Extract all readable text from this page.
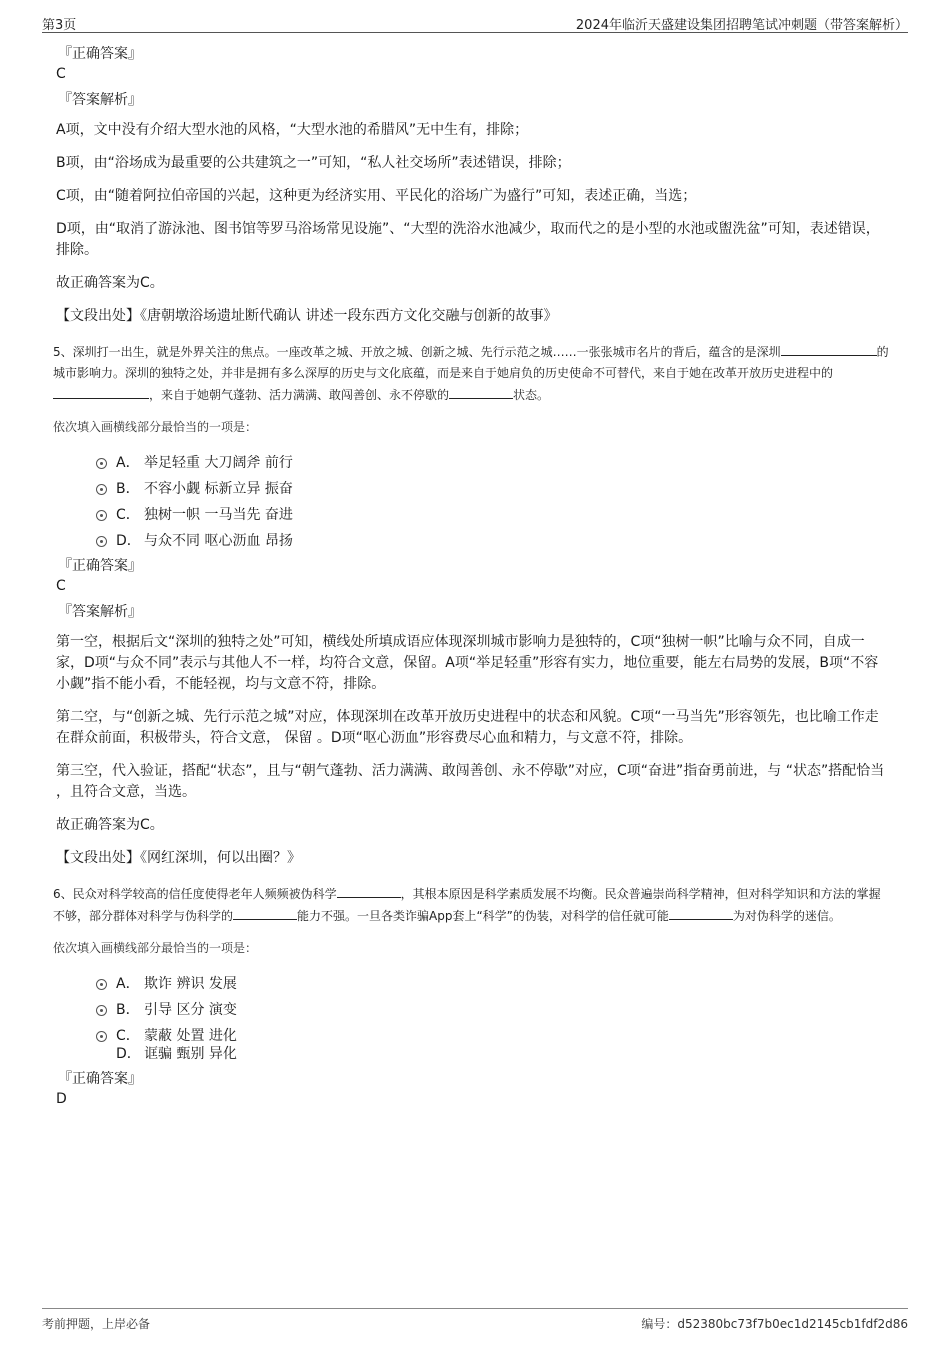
第3页	2024年临沂天盛建设集团招聘笔试冲刺题（带答案解析）

『正确答案』

C

『答案解析』

A项，文中没有介绍大型水池的风格，“大型水池的希腊风”无中生有，排除；

B项，由“浴场成为最重要的公共建筑之一”可知，“私人社交场所”表述错误，排除；

C项，由“随着阿拉伯帝国的兴起，这种更为经济实用、平民化的浴场广为盛行”可知，表述正确，当选；

D项，由“取消了游泳池、图书馆等罗马浴场常见设施”、“大型的洗浴水池减少，取而代之的是小型的水池或盥洗盆”可知，表述错误，排除。

故正确答案为C。

【文段出处】《唐朝墩浴场遗址断代确认 讲述一段东西方文化交融与创新的故事》

5、深圳打一出生，就是外界关注的焦点。一座改革之城、开放之城、创新之城、先行示范之城……一张张城市名片的背后，蕴含的是深圳	的城市影响力。深圳的独特之处，并非是拥有多么深厚的历史与文化底蕴，而是来自于她肩负的历史使命不可替代，来自于她在改革开放历史进程中的，来自于她朝气蓬勃、活力满满、敢闯善创、永不停歇的	状态。

依次填入画横线部分最恰当的一项是：

A． 举足轻重 大刀阔斧 前行
B． 不容小觑 标新立异 振奋
C． 独树一帜 一马当先 奋进
D． 与众不同 呕心沥血 昂扬

『正确答案』

C

『答案解析』

第一空，根据后文“深圳的独特之处”可知，横线处所填成语应体现深圳城市影响力是独特的，C项“独树一帜”比喻与众不同，自成一家，D项“与众不同”表示与其他人不一样，均符合文意，保留。A项“举足轻重”形容有实力，地位重要，能左右局势的发展，B项“不容小觑”指不能小看，不能轻视，均与文意不符，排除。

第二空，与“创新之城、先行示范之城”对应，体现深圳在改革开放历史进程中的状态和风貌。C项“一马当先”形容领先，也比喻工作走在群众前面，积极带头，符合文意， 保留 。D项“呕心沥血”形容费尽心血和精力，与文意不符，排除。

第三空，代入验证，搭配“状态”，且与“朝气蓬勃、活力满满、敢闯善创、永不停歇”对应，C项“奋进”指奋勇前进，与 “状态”搭配恰当 ，且符合文意，当选。

故正确答案为C。

【文段出处】《网红深圳，何以出圈？》

6、民众对科学较高的信任度使得老年人频频被伪科学	，其根本原因是科学素质发展不均衡。民众普遍崇尚科学精神，但对科学知识和方法的掌握不够，部分群体对科学与伪科学的	能力不强。一旦各类诈骗App套上“科学”的伪装，对科学的信任就可能	为对伪科学的迷信。

依次填入画横线部分最恰当的一项是：

A． 欺诈 辨识 发展
B． 引导 区分 演变
C． 蒙蔽 处置 进化
D． 诓骗 甄别 异化

『正确答案』

D

考前押题，上岸必备	编号：d52380bc73f7b0ec1d2145cb1fdf2d86
